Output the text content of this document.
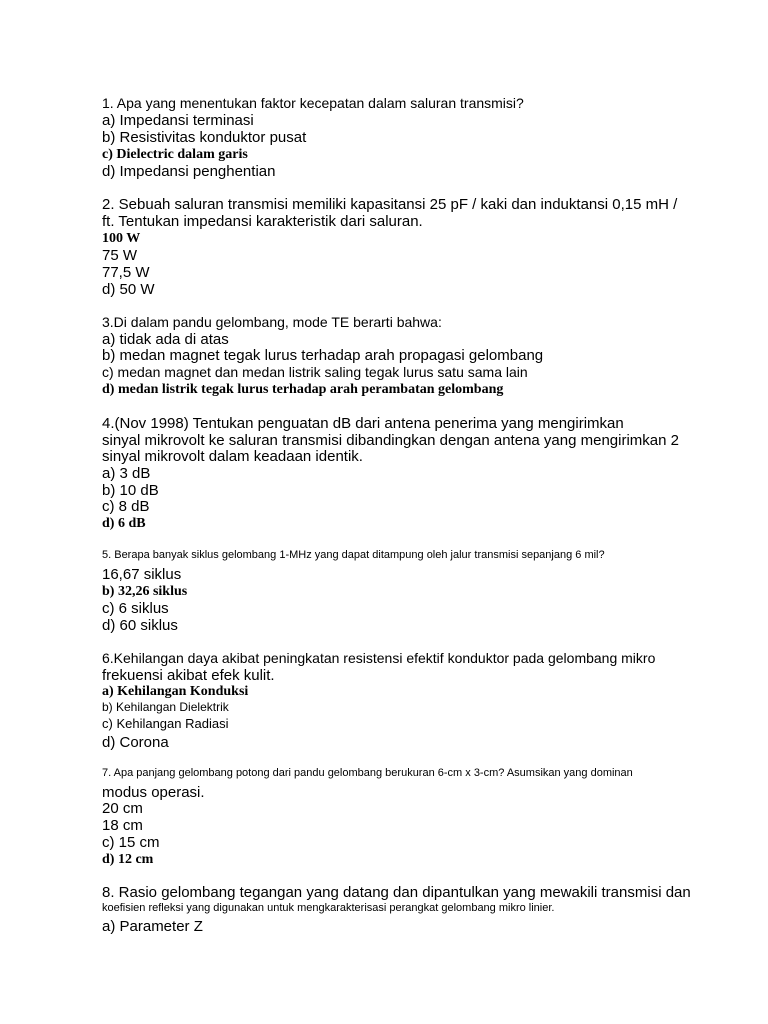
1. Apa yang menentukan faktor kecepatan dalam saluran transmisi?
a) Impedansi terminasi
b) Resistivitas konduktor pusat
c) Dielectric dalam garis
d) Impedansi penghentian
2. Sebuah saluran transmisi memiliki kapasitansi 25 pF / kaki dan induktansi 0,15 mH /
ft. Tentukan impedansi karakteristik dari saluran.
100 W
75 W
77,5 W
d) 50 W
3.Di dalam pandu gelombang, mode TE berarti bahwa:
a) tidak ada di atas
b) medan magnet tegak lurus terhadap arah propagasi gelombang
c) medan magnet dan medan listrik saling tegak lurus satu sama lain
d) medan listrik tegak lurus terhadap arah perambatan gelombang
4.(Nov 1998) Tentukan penguatan dB dari antena penerima yang mengirimkan
sinyal mikrovolt ke saluran transmisi dibandingkan dengan antena yang mengirimkan 2
sinyal mikrovolt dalam keadaan identik.
a) 3 dB
b) 10 dB
c) 8 dB
d) 6 dB
5. Berapa banyak siklus gelombang 1-MHz yang dapat ditampung oleh jalur transmisi sepanjang 6 mil?
16,67 siklus
b) 32,26 siklus
c) 6 siklus
d) 60 siklus
6.Kehilangan daya akibat peningkatan resistensi efektif konduktor pada gelombang mikro
frekuensi akibat efek kulit.
a) Kehilangan Konduksi
b) Kehilangan Dielektrik
c) Kehilangan Radiasi
d) Corona
7. Apa panjang gelombang potong dari pandu gelombang berukuran 6-cm x 3-cm? Asumsikan yang dominan
modus operasi.
20 cm
18 cm
c) 15 cm
d) 12 cm
8. Rasio gelombang tegangan yang datang dan dipantulkan yang mewakili transmisi dan
koefisien refleksi yang digunakan untuk mengkarakterisasi perangkat gelombang mikro linier.
a) Parameter Z
